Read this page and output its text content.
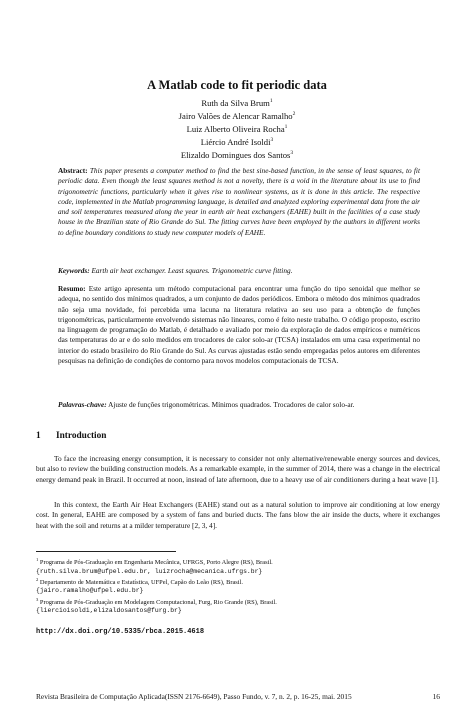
A Matlab code to fit periodic data
Ruth da Silva Brum$^1$
Jairo Valões de Alencar Ramalho$^2$
Luiz Alberto Oliveira Rocha$^1$
Liércio André Isoldi$^3$
Elizaldo Domingues dos Santos$^3$
Abstract: This paper presents a computer method to find the best sine-based function, in the sense of least squares, to fit periodic data. Even though the least squares method is not a novelty, there is a void in the literature about its use to find trigonometric functions, particularly when it gives rise to nonlinear systems, as it is done in this article. The respective code, implemented in the Matlab programming language, is detailed and analyzed exploring experimental data from the air and soil temperatures measured along the year in earth air heat exchangers (EAHE) built in the facilities of a case study house in the Brazilian state of Rio Grande do Sul. The fitting curves have been employed by the authors in different works to define boundary conditions to study new computer models of EAHE.
Keywords: Earth air heat exchanger. Least squares. Trigonometric curve fitting.
Resumo: Este artigo apresenta um método computacional para encontrar uma função do tipo senoidal que melhor se adequa, no sentido dos mínimos quadrados, a um conjunto de dados periódicos. Embora o método dos mínimos quadrados não seja uma novidade, foi percebida uma lacuna na literatura relativa ao seu uso para a obtenção de funções trigonométricas, particularmente envolvendo sistemas não lineares, como é feito neste trabalho. O código proposto, escrito na linguagem de programação do Matlab, é detalhado e avaliado por meio da exploração de dados empíricos e numéricos das temperaturas do ar e do solo medidos em trocadores de calor solo-ar (TCSA) instalados em uma casa experimental no interior do estado brasileiro do Rio Grande do Sul. As curvas ajustadas estão sendo empregadas pelos autores em diferentes pesquisas na definição de condições de contorno para novos modelos computacionais de TCSA.
Palavras-chave: Ajuste de funções trigonométricas. Mínimos quadrados. Trocadores de calor solo-ar.
1 Introduction
To face the increasing energy consumption, it is necessary to consider not only alternative/renewable energy sources and devices, but also to review the building construction models. As a remarkable example, in the summer of 2014, there was a change in the electrical energy demand peak in Brazil. It occurred at noon, instead of late afternoon, due to a heavy use of air conditioners during a heat wave [1].
In this context, the Earth Air Heat Exchangers (EAHE) stand out as a natural solution to improve air conditioning at low energy cost. In general, EAHE are composed by a system of fans and buried ducts. The fans blow the air inside the ducts, where it exchanges heat with the soil and returns at a milder temperature [2, 3, 4].
$^1$ Programa de Pós-Graduação em Engenharia Mecânica, UFRGS, Porto Alegre (RS), Brasil.
{ruth.silva.brum@ufpel.edu.br, luizrocha@mecanica.ufrgs.br}
$^2$ Departamento de Matemática e Estatística, UFPel, Capão do Leão (RS), Brasil.
{jairo.ramalho@ufpel.edu.br}
$^3$ Programa de Pós-Graduação em Modelagem Computacional, Furg, Rio Grande (RS), Brasil.
{liercioisoldi,elizaldosantos@furg.br}
http://dx.doi.org/10.5335/rbca.2015.4618
Revista Brasileira de Computação Aplicada(ISSN 2176-6649), Passo Fundo, v. 7, n. 2, p. 16-25, mai. 2015	16
